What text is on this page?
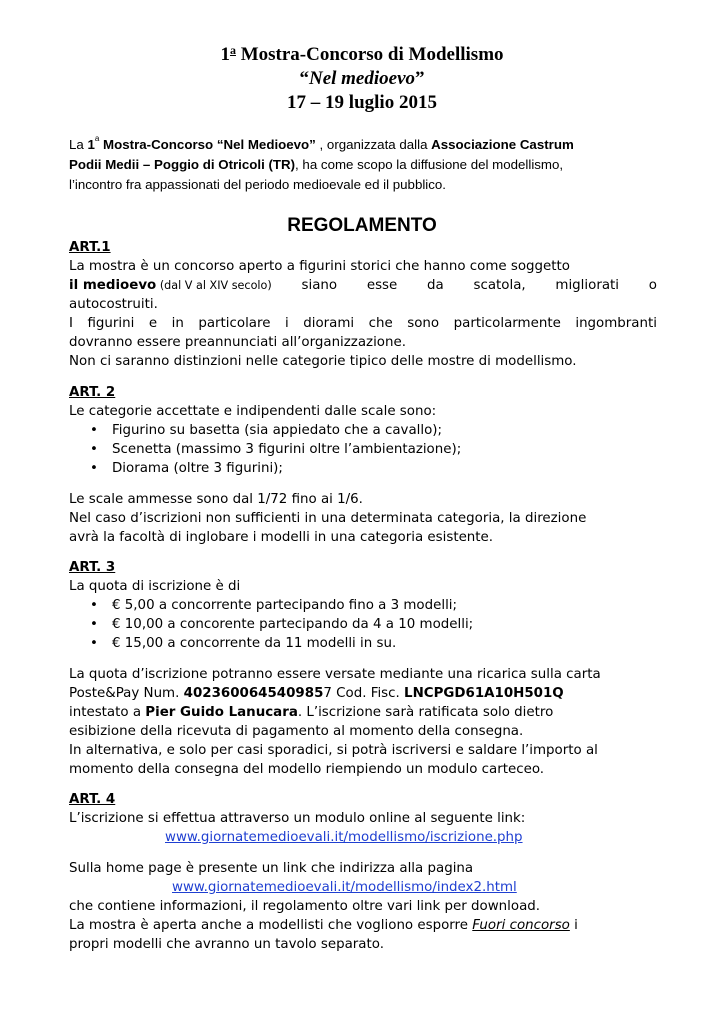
1$^a$ Mostra-Concorso di Modellismo
“Nel medioevo”
17 – 19 luglio 2015
La 1$^a$ Mostra-Concorso “Nel Medioevo” , organizzata dalla Associazione Castrum
Podii Medii – Poggio di Otricoli (TR), ha come scopo la diffusione del modellismo,
l’incontro fra appassionati del periodo medioevale ed il pubblico.
REGOLAMENTO
ART.1
La mostra è un concorso aperto a figurini storici che hanno come soggetto
il medioevo (dal V al XIV secolo) siano esse da scatola, migliorati o
autocostruiti.
I figurini e in particolare i diorami che sono particolarmente ingombranti
dovranno essere preannunciati all’organizzazione.
Non ci saranno distinzioni nelle categorie tipico delle mostre di modellismo.
ART. 2
Le categorie accettate e indipendenti dalle scale sono:
• Figurino su basetta (sia appiedato che a cavallo);
• Scenetta (massimo 3 figurini oltre l’ambientazione);
• Diorama (oltre 3 figurini);
Le scale ammesse sono dal 1/72 fino ai 1/6.
Nel caso d’iscrizioni non sufficienti in una determinata categoria, la direzione
avrà la facoltà di inglobare i modelli in una categoria esistente.
ART. 3
La quota di iscrizione è di
• € 5,00 a concorrente partecipando fino a 3 modelli;
• € 10,00 a concorente partecipando da 4 a 10 modelli;
• € 15,00 a concorrente da 11 modelli in su.
La quota d’iscrizione potranno essere versate mediante una ricarica sulla carta
Poste&Pay Num. 4023600645409857 Cod. Fisc. LNCPGD61A10H501Q
intestato a Pier Guido Lanucara. L’iscrizione sarà ratificata solo dietro
esibizione della ricevuta di pagamento al momento della consegna.
In alternativa, e solo per casi sporadici, si potrà iscriversi e saldare l’importo al
momento della consegna del modello riempiendo un modulo carteceo.
ART. 4
L’iscrizione si effettua attraverso un modulo online al seguente link:
www.giornatemedioevali.it/modellismo/iscrizione.php
Sulla home page è presente un link che indirizza alla pagina
www.giornatemedioevali.it/modellismo/index2.html
che contiene informazioni, il regolamento oltre vari link per download.
La mostra è aperta anche a modellisti che vogliono esporre Fuori concorso i
propri modelli che avranno un tavolo separato.
